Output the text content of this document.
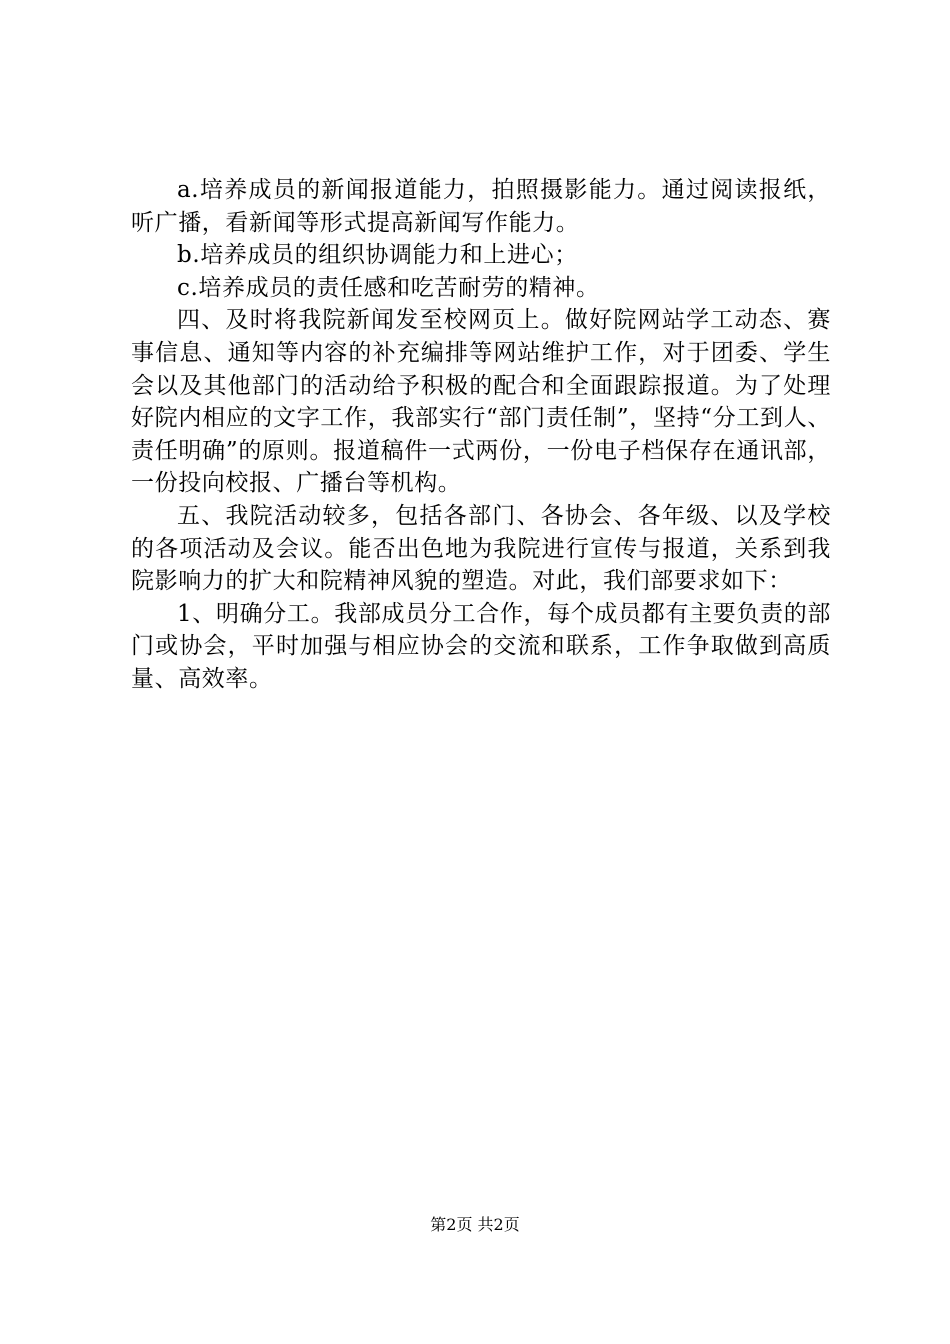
a.培养成员的新闻报道能力，拍照摄影能力。通过阅读报纸，听广播，看新闻等形式提高新闻写作能力。

b.培养成员的组织协调能力和上进心；

c.培养成员的责任感和吃苦耐劳的精神。

四、及时将我院新闻发至校网页上。做好院网站学工动态、赛事信息、通知等内容的补充编排等网站维护工作，对于团委、学生会以及其他部门的活动给予积极的配合和全面跟踪报道。为了处理好院内相应的文字工作，我部实行“部门责任制”，坚持“分工到人、责任明确”的原则。报道稿件一式两份，一份电子档保存在通讯部，一份投向校报、广播台等机构。

五、我院活动较多，包括各部门、各协会、各年级、以及学校的各项活动及会议。能否出色地为我院进行宣传与报道，关系到我院影响力的扩大和院精神风貌的塑造。对此，我们部要求如下：

1、明确分工。我部成员分工合作，每个成员都有主要负责的部门或协会，平时加强与相应协会的交流和联系，工作争取做到高质量、高效率。

第2页 共2页
